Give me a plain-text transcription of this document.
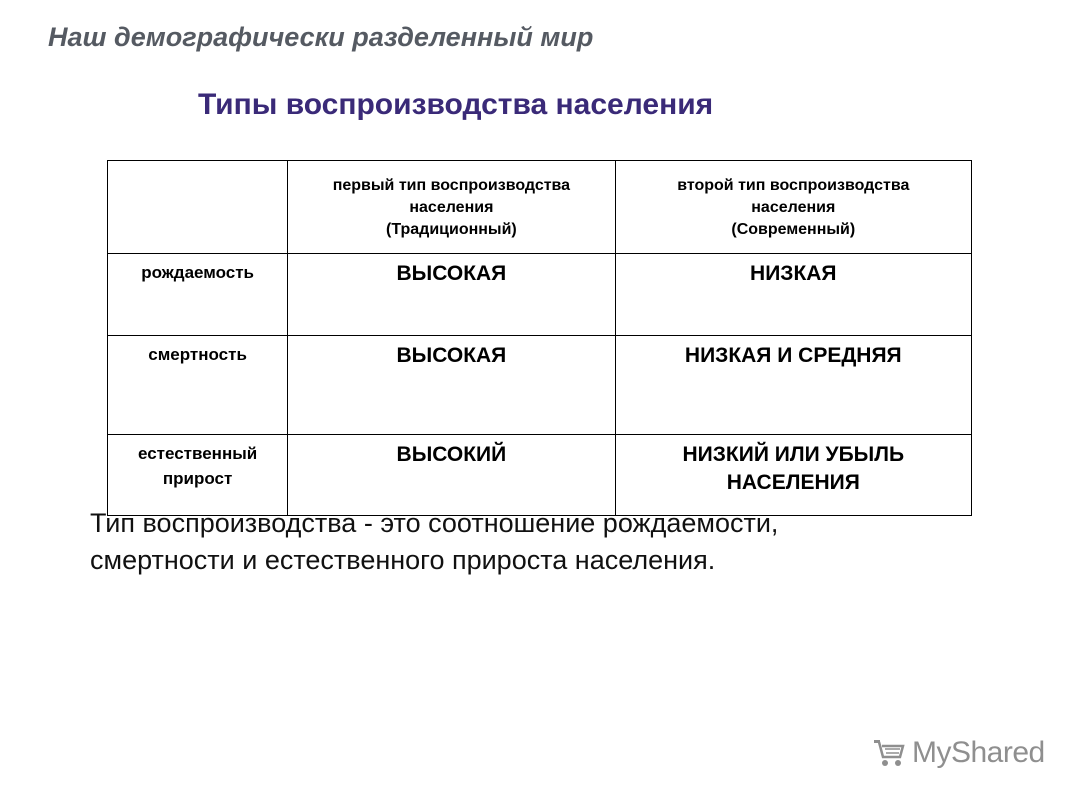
Наш демографически разделенный мир
Типы воспроизводства населения
	первый тип воспроизводства
населения
(Традиционный)	второй тип воспроизводства
населения
(Современный)
рождаемость	ВЫСОКАЯ	НИЗКАЯ
смертность	ВЫСОКАЯ	НИЗКАЯ И СРЕДНЯЯ
естественный
прирост	ВЫСОКИЙ	НИЗКИЙ ИЛИ УБЫЛЬ
НАСЕЛЕНИЯ
Тип воспроизводства - это соотношение рождаемости, смертности и естественного прироста населения.
MyShared
